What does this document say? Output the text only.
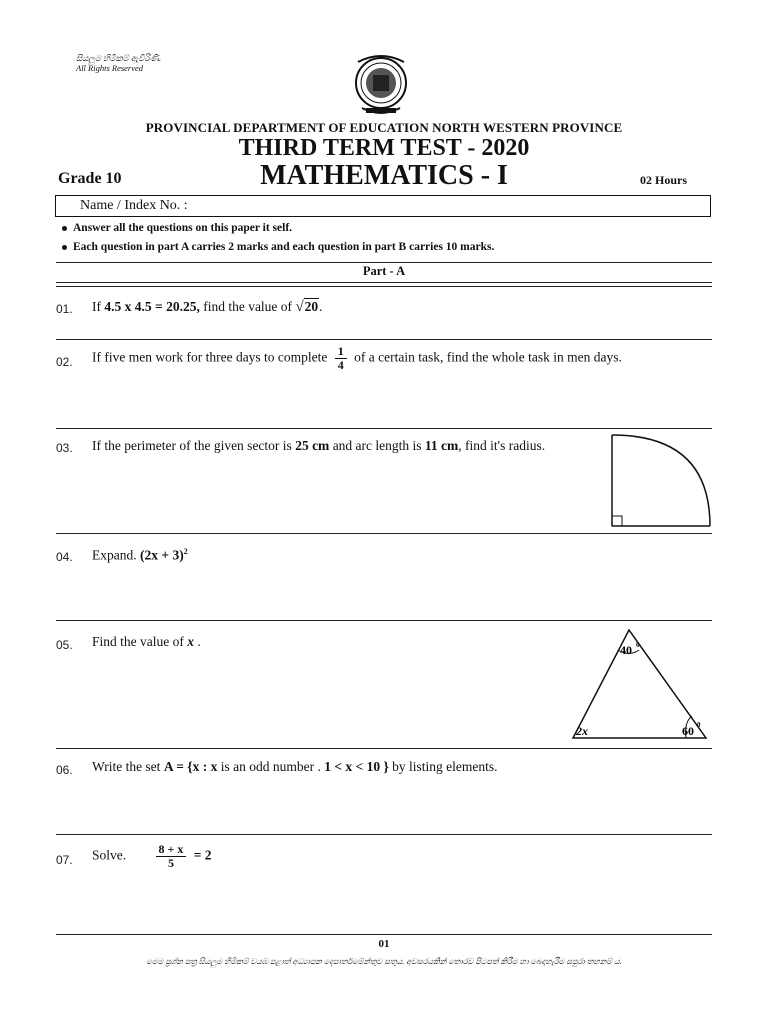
සියලුම හිමිකම් ඇවිරිණි.
All Rights Reserved
PROVINCIAL DEPARTMENT OF EDUCATION NORTH WESTERN PROVINCE
THIRD TERM TEST - 2020
MATHEMATICS - I
Grade 10	02 Hours
Name / Index No. :
Answer all the questions on this paper it self.
Each question in part A carries 2 marks and each question in part B carries 10 marks.
Part - A
01. If 4.5 x 4.5 = 20.25, find the value of √20.
02. If five men work for three days to complete $\frac{1}{4}$ of a certain task, find the whole task in men days.
03. If the perimeter of the given sector is 25 cm and arc length is 11 cm, find it's radius.
04. Expand. $(2x + 3)^2$
05. Find the value of x .
40 0
2x	60 0
06. Write the set A = {x : x is an odd number . 1 < x < 10 } by listing elements.
07. Solve. $\frac{8 + x}{5} = 2$
01
මෙම ප්‍රශ්න පත්‍ර සියලුම හිමිකම් වයඹ පළාත් අධ්‍යාපන දෙපාර්තමේන්තුව සතුය. අවසරයකින් තොරව පිටපත් කිරීම හා බෙදාහැරීම සපුරා තහනම් ය.
